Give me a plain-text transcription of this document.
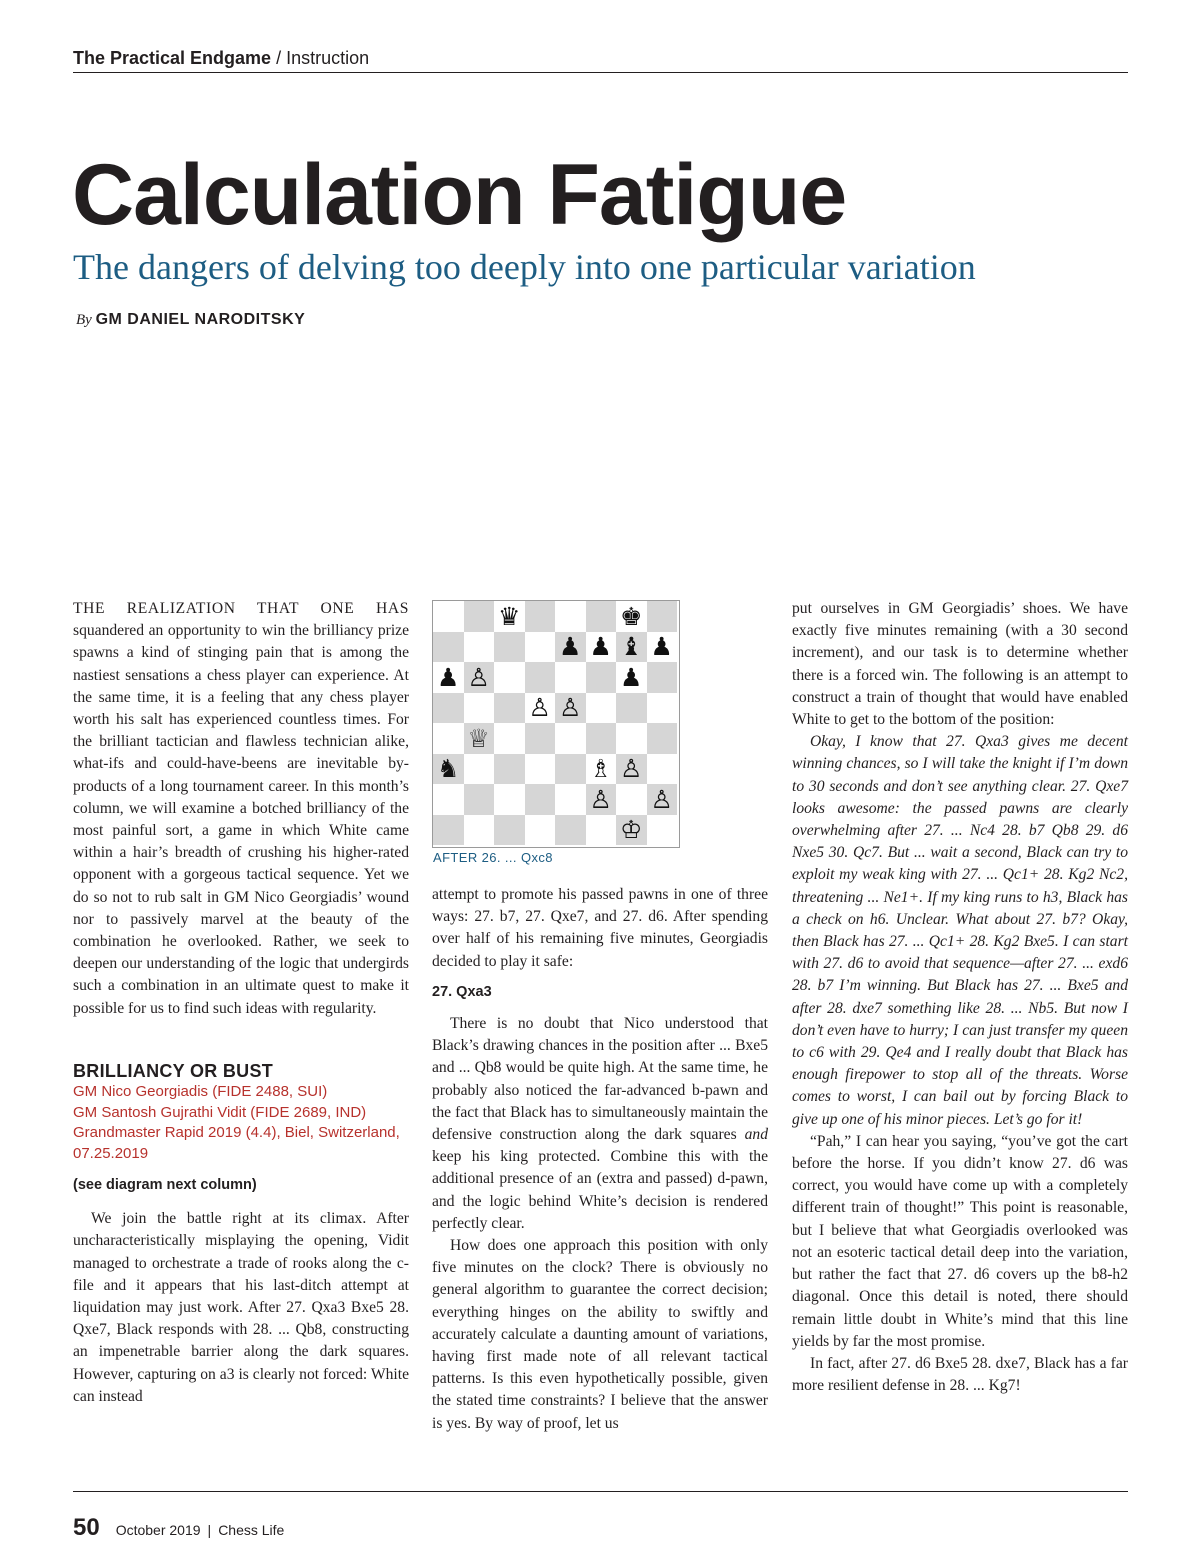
The Practical Endgame / Instruction
Calculation Fatigue
The dangers of delving too deeply into one particular variation
By GM DANIEL NARODITSKY

THE REALIZATION THAT ONE HAS squandered an opportunity to win the brilliancy prize spawns a kind of stinging pain that is among the nastiest sensations a chess player can experience. At the same time, it is a feeling that any chess player worth his salt has experienced countless times. For the brilliant tactician and flawless technician alike, what-ifs and could-have-beens are inevitable by-products of a long tournament career. In this month’s column, we will examine a botched brilliancy of the most painful sort, a game in which White came within a hair’s breadth of crushing his higher-rated opponent with a gorgeous tactical sequence. Yet we do so not to rub salt in GM Nico Georgiadis’ wound nor to passively marvel at the beauty of the combination he overlooked. Rather, we seek to deepen our understanding of the logic that undergirds such a combination in an ultimate quest to make it possible for us to find such ideas with regularity.

BRILLIANCY OR BUST
GM Nico Georgiadis (FIDE 2488, SUI)
GM Santosh Gujrathi Vidit (FIDE 2689, IND)
Grandmaster Rapid 2019 (4.4), Biel, Switzerland, 07.25.2019
(see diagram next column)

We join the battle right at its climax. After uncharacteristically misplaying the opening, Vidit managed to orchestrate a trade of rooks along the c-file and it appears that his last-ditch attempt at liquidation may just work. After 27. Qxa3 Bxe5 28. Qxe7, Black responds with 28. ... Qb8, constructing an impenetrable barrier along the dark squares. However, capturing on a3 is clearly not forced: White can instead

♛	♚
♟ ♟ ♝ ♟
♟ ♙	♟
♙ ♙
♕
♞	♗ ♙
♙ ♙
♔
AFTER 26. ... Qxc8

attempt to promote his passed pawns in one of three ways: 27. b7, 27. Qxe7, and 27. d6. After spending over half of his remaining five minutes, Georgiadis decided to play it safe:

27. Qxa3

There is no doubt that Nico understood that Black’s drawing chances in the position after ... Bxe5 and ... Qb8 would be quite high. At the same time, he probably also noticed the far-advanced b-pawn and the fact that Black has to simultaneously maintain the defensive construction along the dark squares and keep his king protected. Combine this with the additional presence of an (extra and passed) d-pawn, and the logic behind White’s decision is rendered perfectly clear.

How does one approach this position with only five minutes on the clock? There is obviously no general algorithm to guarantee the correct decision; everything hinges on the ability to swiftly and accurately calculate a daunting amount of variations, having first made note of all relevant tactical patterns. Is this even hypothetically possible, given the stated time constraints? I believe that the answer is yes. By way of proof, let us

put ourselves in GM Georgiadis’ shoes. We have exactly five minutes remaining (with a 30 second increment), and our task is to determine whether there is a forced win. The following is an attempt to construct a train of thought that would have enabled White to get to the bottom of the position:

Okay, I know that 27. Qxa3 gives me decent winning chances, so I will take the knight if I’m down to 30 seconds and don’t see anything clear. 27. Qxe7 looks awesome: the passed pawns are clearly overwhelming after 27. ... Nc4 28. b7 Qb8 29. d6 Nxe5 30. Qc7. But ... wait a second, Black can try to exploit my weak king with 27. ... Qc1+ 28. Kg2 Nc2, threatening ... Ne1+. If my king runs to h3, Black has a check on h6. Unclear. What about 27. b7? Okay, then Black has 27. ... Qc1+ 28. Kg2 Bxe5. I can start with 27. d6 to avoid that sequence—after 27. ... exd6 28. b7 I’m winning. But Black has 27. ... Bxe5 and after 28. dxe7 something like 28. ... Nb5. But now I don’t even have to hurry; I can just transfer my queen to c6 with 29. Qe4 and I really doubt that Black has enough firepower to stop all of the threats. Worse comes to worst, I can bail out by forcing Black to give up one of his minor pieces. Let’s go for it!

“Pah,” I can hear you saying, “you’ve got the cart before the horse. If you didn’t know 27. d6 was correct, you would have come up with a completely different train of thought!” This point is reasonable, but I believe that what Georgiadis overlooked was not an esoteric tactical detail deep into the variation, but rather the fact that 27. d6 covers up the b8-h2 diagonal. Once this detail is noted, there should remain little doubt in White’s mind that this line yields by far the most promise.

In fact, after 27. d6 Bxe5 28. dxe7, Black has a far more resilient defense in 28. ... Kg7!

50 October 2019 | Chess Life
